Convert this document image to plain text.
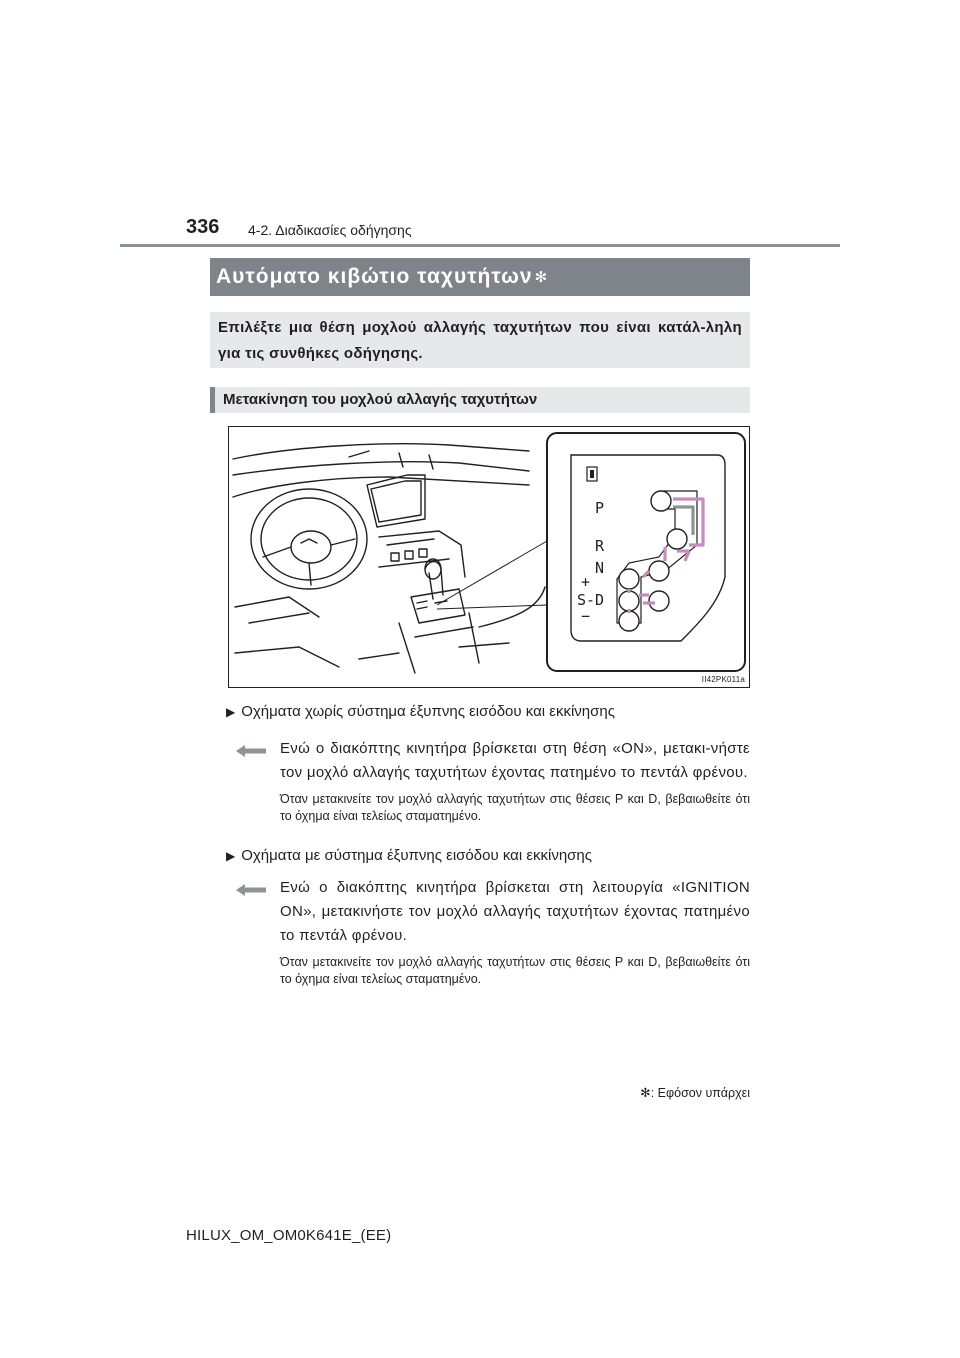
336 4-2. Διαδικασίες οδήγησης
Αυτόματο κιβώτιο ταχυτήτων ✻
Επιλέξτε μια θέση μοχλού αλλαγής ταχυτήτων που είναι κατάλ-ληλη για τις συνθήκες οδήγησης.
Μετακίνηση του μοχλού αλλαγής ταχυτήτων
P
R
N
+
S-D
−
II42PK011a
▶ Οχήματα χωρίς σύστημα έξυπνης εισόδου και εκκίνησης
Ενώ ο διακόπτης κινητήρα βρίσκεται στη θέση «ΟΝ», μετακι-νήστε τον μοχλό αλλαγής ταχυτήτων έχοντας πατημένο το πεντάλ φρένου.
Όταν μετακινείτε τον μοχλό αλλαγής ταχυτήτων στις θέσεις P και D, βεβαιωθείτε ότι το όχημα είναι τελείως σταματημένο.
▶ Οχήματα με σύστημα έξυπνης εισόδου και εκκίνησης
Ενώ ο διακόπτης κινητήρα βρίσκεται στη λειτουργία «IGNITION ON», μετακινήστε τον μοχλό αλλαγής ταχυτήτων έχοντας πατημένο το πεντάλ φρένου.
Όταν μετακινείτε τον μοχλό αλλαγής ταχυτήτων στις θέσεις P και D, βεβαιωθείτε ότι το όχημα είναι τελείως σταματημένο.
✻: Εφόσον υπάρχει
HILUX_OM_OM0K641E_(EE)
